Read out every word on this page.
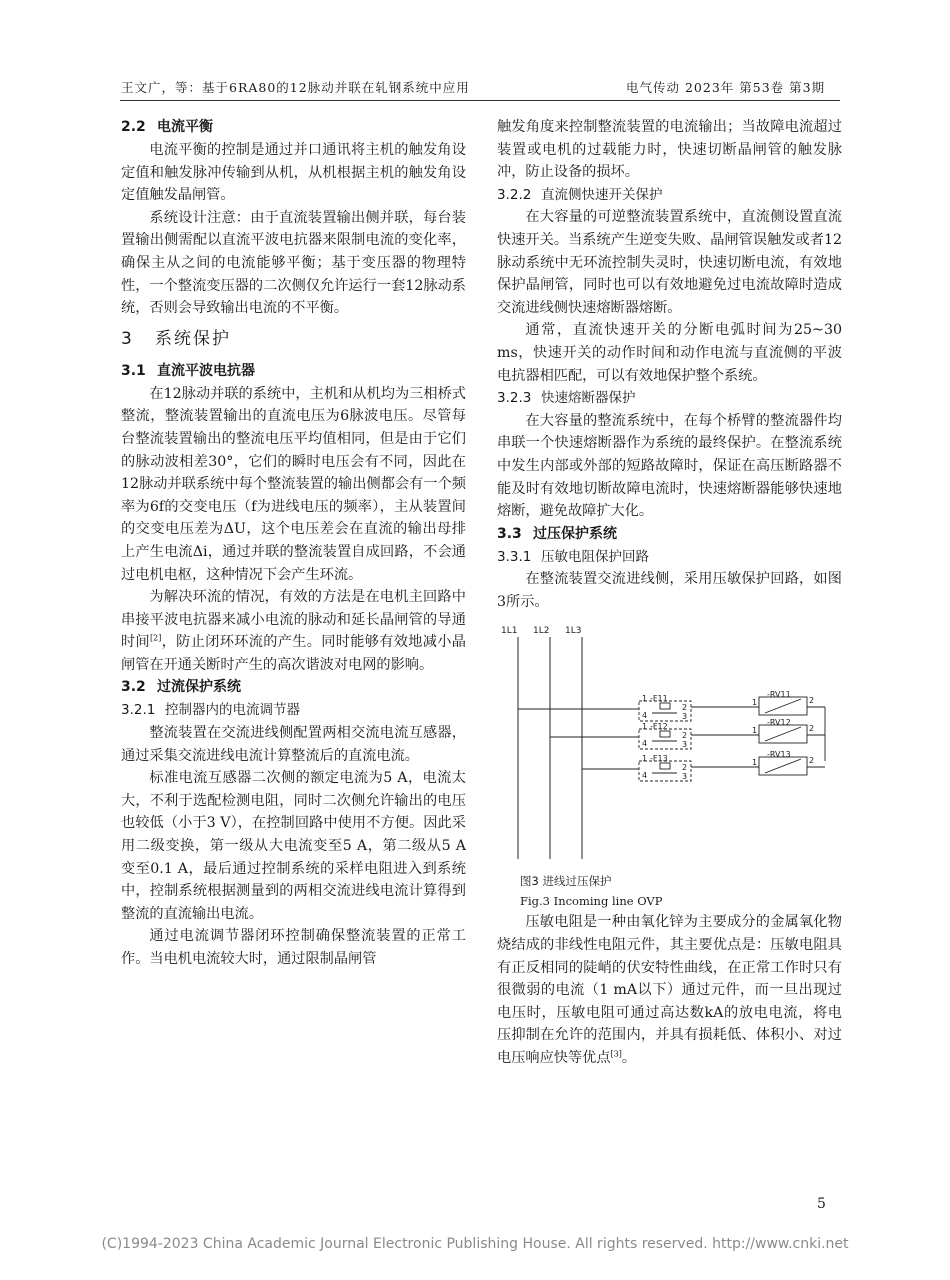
王文广，等：基于6RA80的12脉动并联在轧钢系统中应用	电气传动 2023年 第53卷 第3期
2.2 电流平衡

电流平衡的控制是通过并口通讯将主机的触发角设定值和触发脉冲传输到从机，从机根据主机的触发角设定值触发晶闸管。

系统设计注意：由于直流装置输出侧并联，每台装置输出侧需配以直流平波电抗器来限制电流的变化率，确保主从之间的电流能够平衡；基于变压器的物理特性，一个整流变压器的二次侧仅允许运行一套12脉动系统，否则会导致输出电流的不平衡。

3 系统保护
3.1 直流平波电抗器

在12脉动并联的系统中，主机和从机均为三相桥式整流，整流装置输出的直流电压为6脉波电压。尽管每台整流装置输出的整流电压平均值相同，但是由于它们的脉动波相差30°，它们的瞬时电压会有不同，因此在12脉动并联系统中每个整流装置的输出侧都会有一个频率为6f的交变电压（f为进线电压的频率），主从装置间的交变电压差为ΔU，这个电压差会在直流的输出母排上产生电流Δi，通过并联的整流装置自成回路，不会通过电机电枢，这种情况下会产生环流。

为解决环流的情况，有效的方法是在电机主回路中串接平波电抗器来减小电流的脉动和延长晶闸管的导通时间[2]，防止闭环环流的产生。同时能够有效地减小晶闸管在开通关断时产生的高次谐波对电网的影响。

3.2 过流保护系统
3.2.1 控制器内的电流调节器

整流装置在交流进线侧配置两相交流电流互感器，通过采集交流进线电流计算整流后的直流电流。

标准电流互感器二次侧的额定电流为5 A，电流太大，不利于选配检测电阻，同时二次侧允许输出的电压也较低（小于3 V），在控制回路中使用不方便。因此采用二级变换，第一级从大电流变至5 A，第二级从5 A变至0.1 A，最后通过控制系统的采样电阻进入到系统中，控制系统根据测量到的两相交流进线电流计算得到整流的直流输出电流。

通过电流调节器闭环控制确保整流装置的正常工作。当电机电流较大时，通过限制晶闸管

触发角度来控制整流装置的电流输出；当故障电流超过装置或电机的过载能力时，快速切断晶闸管的触发脉冲，防止设备的损坏。

3.2.2 直流侧快速开关保护

在大容量的可逆整流装置系统中，直流侧设置直流快速开关。当系统产生逆变失败、晶闸管误触发或者12脉动系统中无环流控制失灵时，快速切断电流，有效地保护晶闸管，同时也可以有效地避免过电流故障时造成交流进线侧快速熔断器熔断。

通常，直流快速开关的分断电弧时间为25~30 ms，快速开关的动作时间和动作电流与直流侧的平波电抗器相匹配，可以有效地保护整个系统。

3.2.3 快速熔断器保护

在大容量的整流系统中，在每个桥臂的整流器件均串联一个快速熔断器作为系统的最终保护。在整流系统中发生内部或外部的短路故障时，保证在高压断路器不能及时有效地切断故障电流时，快速熔断器能够快速地熔断，避免故障扩大化。

3.3 过压保护系统
3.3.1 压敏电阻保护回路

在整流装置交流进线侧，采用压敏保护回路，如图3所示。

1L1 1L2 1L3
1 -F11
4
2
3
1
-RV11
2
1 -F12
4
2
3
1
-RV12
2
1 -F13
4
2
3
1
-RV13
2

图3 进线过压保护

Fig.3 Incoming line OVP

压敏电阻是一种由氧化锌为主要成分的金属氧化物烧结成的非线性电阻元件，其主要优点是：压敏电阻具有正反相同的陡峭的伏安特性曲线，在正常工作时只有很微弱的电流（1 mA以下）通过元件，而一旦出现过电压时，压敏电阻可通过高达数kA的放电电流，将电压抑制在允许的范围内，并具有损耗低、体积小、对过电压响应快等优点[3]。

5
(C)1994-2023 China Academic Journal Electronic Publishing House. All rights reserved. http://www.cnki.net
